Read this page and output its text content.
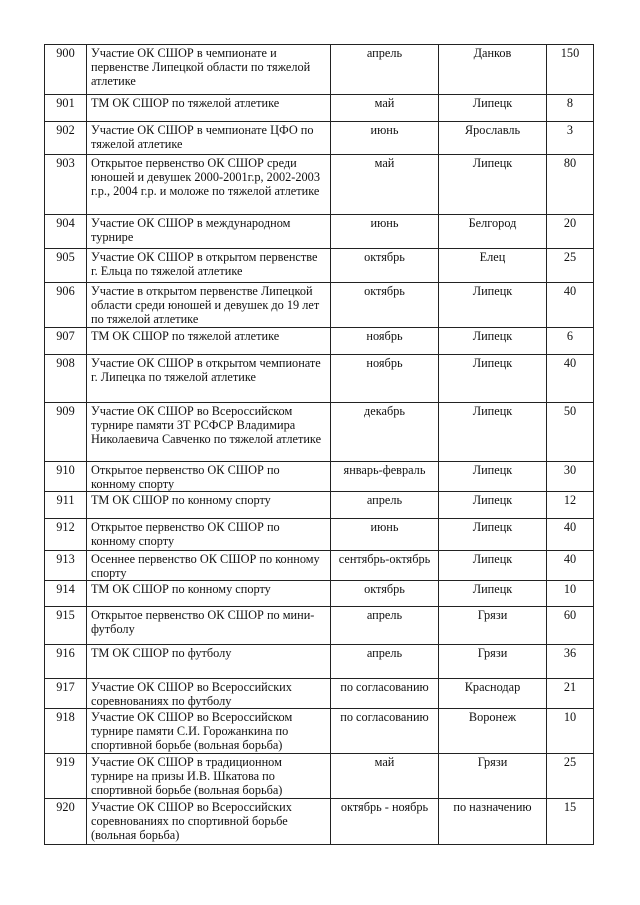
900	Участие ОК СШОР в чемпионате и первенстве Липецкой области по тяжелой атлетике	апрель	Данков	150
901	ТМ ОК СШОР по тяжелой атлетике	май	Липецк	8
902	Участие ОК СШОР в чемпионате ЦФО по тяжелой атлетике	июнь	Ярославль	3
903	Открытое первенство ОК СШОР среди юношей и девушек 2000-2001г.р, 2002-2003 г.р., 2004 г.р. и моложе по тяжелой атлетике	май	Липецк	80
904	Участие ОК СШОР в международном турнире	июнь	Белгород	20
905	Участие ОК СШОР в открытом первенстве г. Ельца по тяжелой атлетике	октябрь	Елец	25
906	Участие в открытом первенстве Липецкой области среди юношей и девушек до 19 лет по тяжелой атлетике	октябрь	Липецк	40
907	ТМ ОК СШОР по тяжелой атлетике	ноябрь	Липецк	6
908	Участие ОК СШОР в открытом чемпионате г. Липецка по тяжелой атлетике	ноябрь	Липецк	40
909	Участие ОК СШОР во Всероссийском турнире памяти ЗТ РСФСР Владимира Николаевича Савченко по тяжелой атлетике	декабрь	Липецк	50
910	Открытое первенство ОК СШОР по конному спорту	январь-февраль	Липецк	30
911	ТМ ОК СШОР по конному спорту	апрель	Липецк	12
912	Открытое первенство ОК СШОР по конному спорту	июнь	Липецк	40
913	Осеннее первенство ОК СШОР по конному спорту	сентябрь-октябрь	Липецк	40
914	ТМ ОК СШОР по конному спорту	октябрь	Липецк	10
915	Открытое первенство ОК СШОР по мини-футболу	апрель	Грязи	60
916	ТМ ОК СШОР по футболу	апрель	Грязи	36
917	Участие ОК СШОР во Всероссийских соревнованиях по футболу	по согласованию	Краснодар	21
918	Участие ОК СШОР во Всероссийском турнире памяти С.И. Горожанкина по спортивной борьбе (вольная борьба)	по согласованию	Воронеж	10
919	Участие ОК СШОР в традиционном турнире на призы И.В. Шкатова по спортивной борьбе (вольная борьба)	май	Грязи	25
920	Участие ОК СШОР во Всероссийских соревнованиях по спортивной борьбе (вольная борьба)	октябрь - ноябрь	по назначению	15
